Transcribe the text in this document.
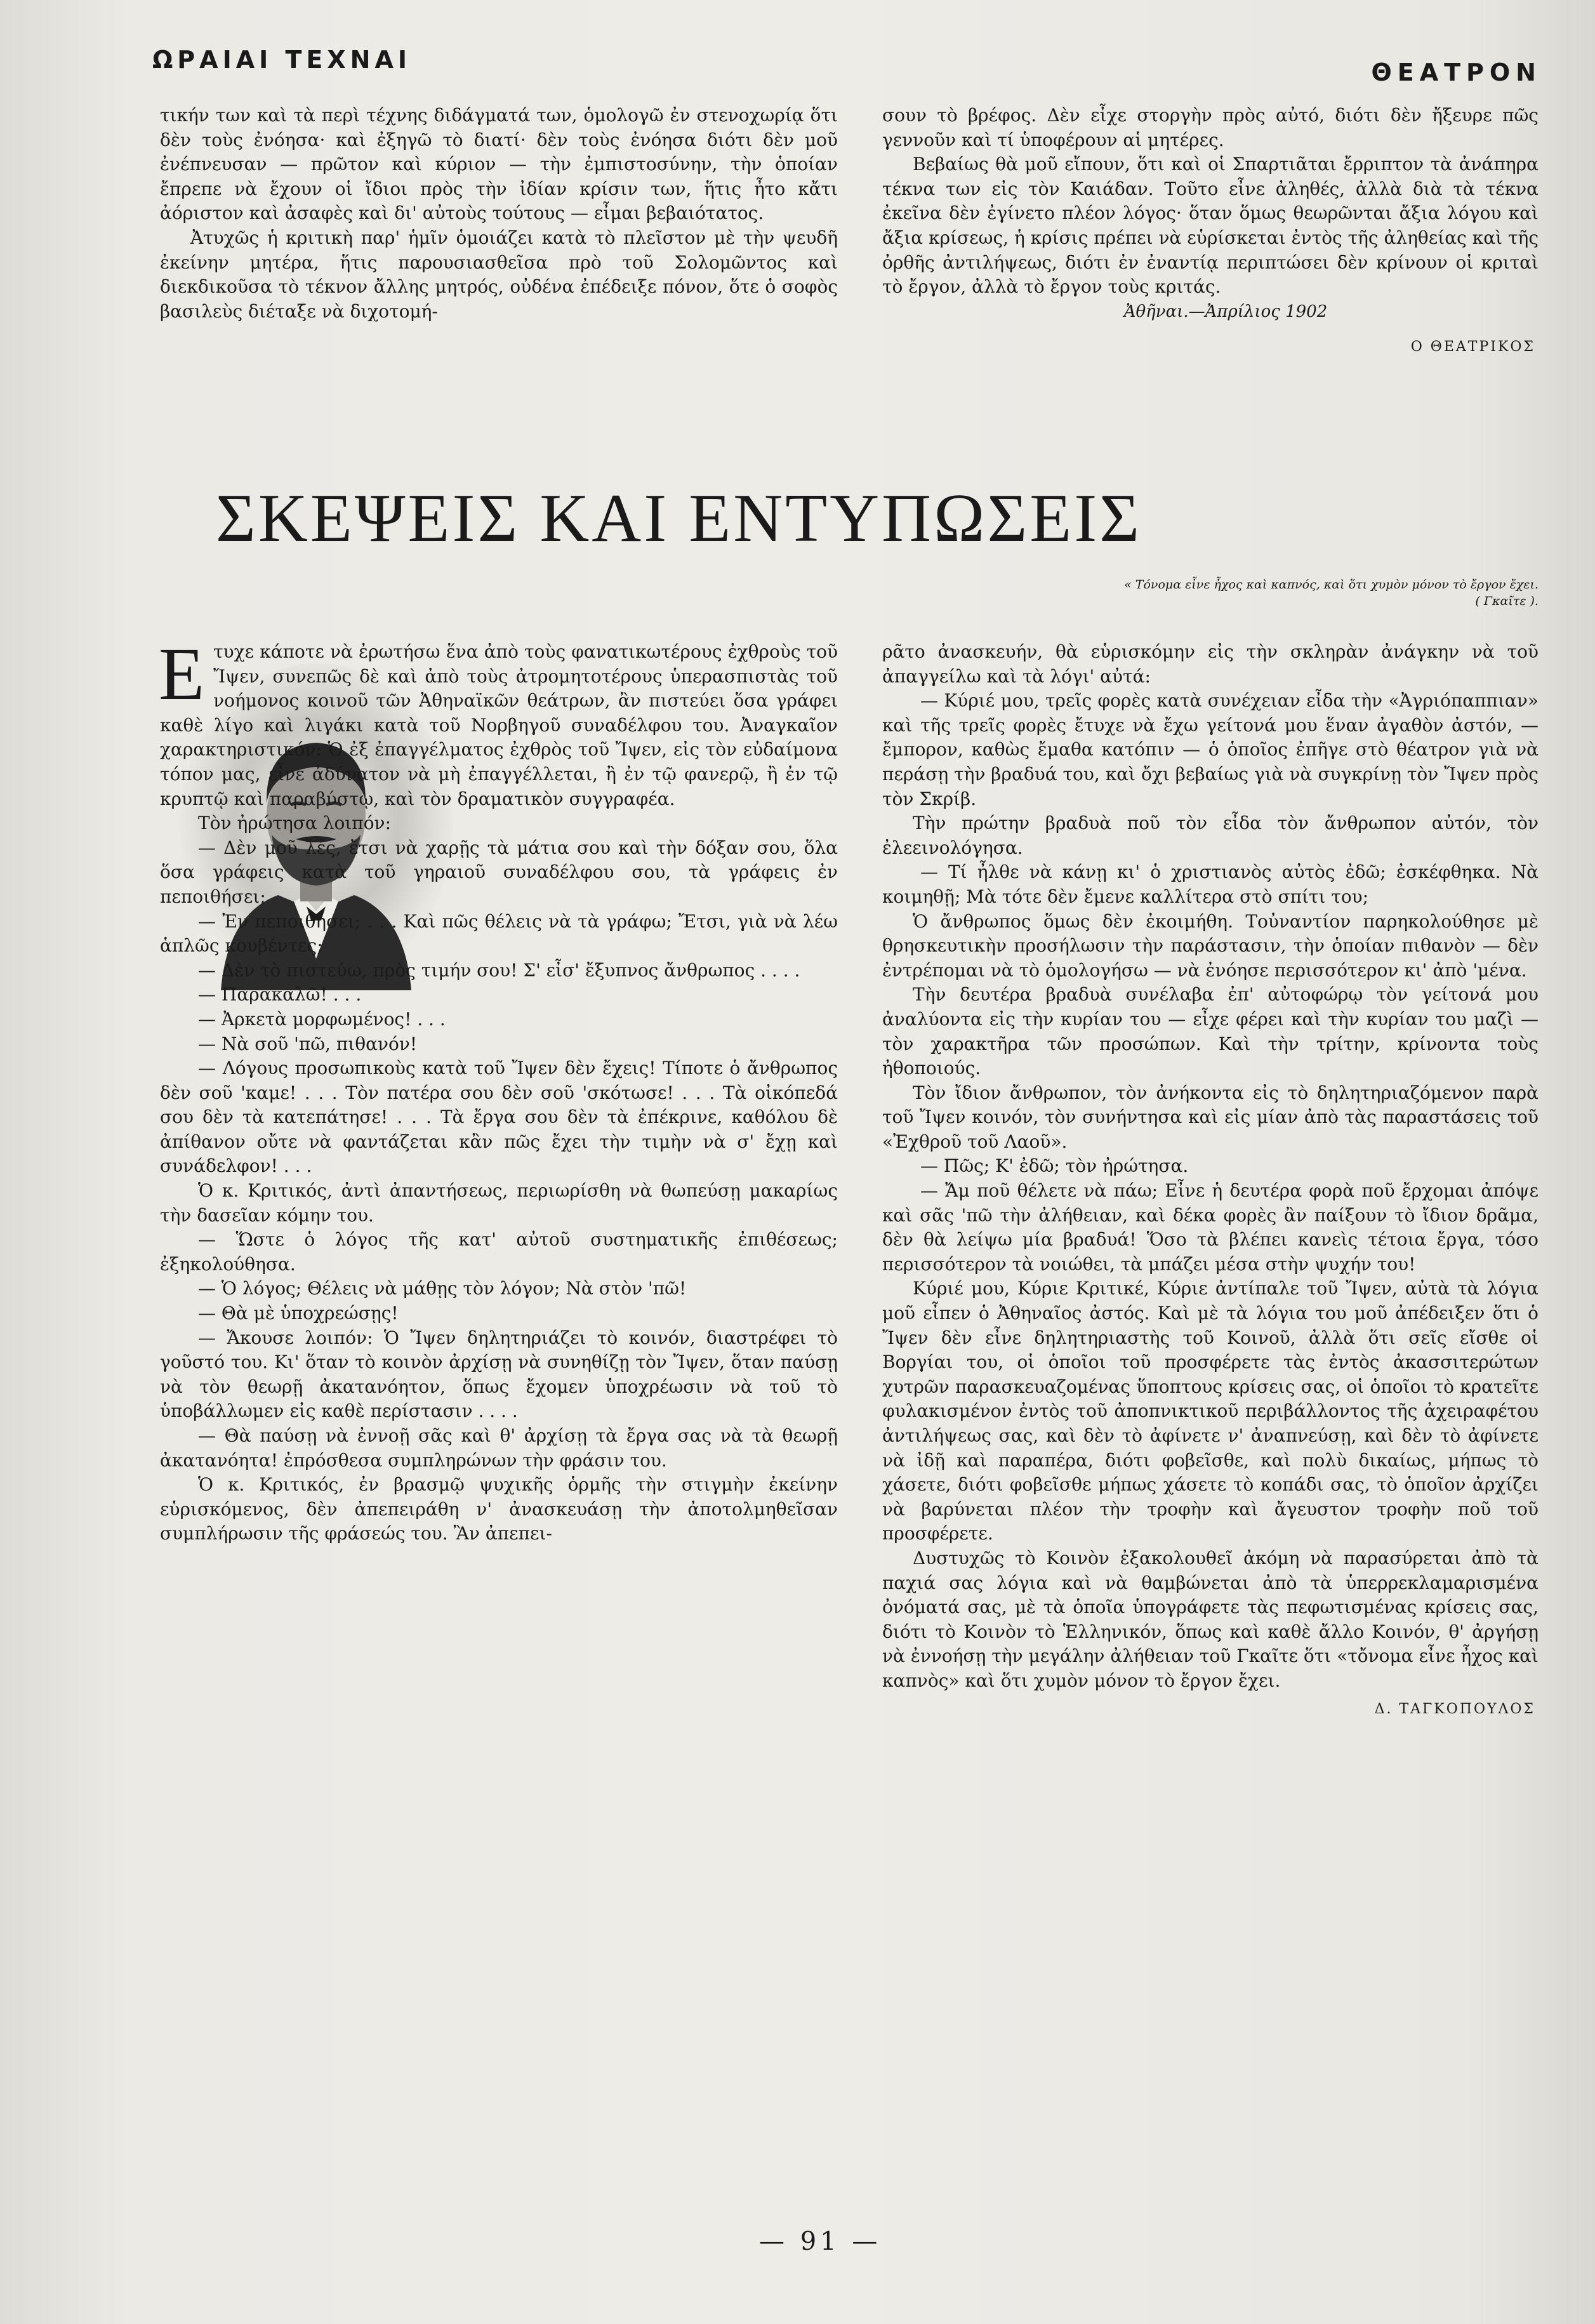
ΩΡΑΙΑΙ ΤΕΧΝΑΙ	ΘΕΑΤΡΟΝ

τικήν των καὶ τὰ περὶ τέχνης διδάγματά των, ὁμολογῶ ἐν στενοχωρίᾳ ὅτι δὲν τοὺς ἐνόησα· καὶ ἐξηγῶ τὸ διατί· δὲν τοὺς ἐνόησα διότι δὲν μοῦ ἐνέπνευσαν — πρῶτον καὶ κύριον — τὴν ἐμπιστοσύνην, τὴν ὁποίαν ἔπρεπε νὰ ἔχουν οἱ ἴδιοι πρὸς τὴν ἰδίαν κρίσιν των, ἥτις ἦτο κἄτι ἀόριστον καὶ ἀσαφὲς καὶ δι' αὐτοὺς τούτους — εἶμαι βεβαιότατος.

Ἀτυχῶς ἡ κριτικὴ παρ' ἡμῖν ὁμοιάζει κατὰ τὸ πλεῖστον μὲ τὴν ψευδῆ ἐκείνην μητέρα, ἥτις παρουσιασθεῖσα πρὸ τοῦ Σολομῶντος καὶ διεκδικοῦσα τὸ τέκνον ἄλλης μητρός, οὐδένα ἐπέδειξε πόνον, ὅτε ὁ σοφὸς βασιλεὺς διέταξε νὰ διχοτομή-

σουν τὸ βρέφος. Δὲν εἶχε στοργὴν πρὸς αὐτό, διότι δὲν ἤξευρε πῶς γεννοῦν καὶ τί ὑποφέρουν αἱ μητέρες.

Βεβαίως θὰ μοῦ εἴπουν, ὅτι καὶ οἱ Σπαρτιᾶται ἔρριπτον τὰ ἀνάπηρα τέκνα των εἰς τὸν Καιάδαν. Τοῦτο εἶνε ἀληθές, ἀλλὰ διὰ τὰ τέκνα ἐκεῖνα δὲν ἐγίνετο πλέον λόγος· ὅταν ὅμως θεωρῶνται ἄξια λόγου καὶ ἄξια κρίσεως, ἡ κρίσις πρέπει νὰ εὑρίσκεται ἐντὸς τῆς ἀληθείας καὶ τῆς ὀρθῆς ἀντιλήψεως, διότι ἐν ἐναντίᾳ περιπτώσει δὲν κρίνουν οἱ κριταὶ τὸ ἔργον, ἀλλὰ τὸ ἔργον τοὺς κριτάς.

Ἀθῆναι.—Ἀπρίλιος 1902

Ο ΘΕΑΤΡΙΚΟΣ

ΣΚΕΨΕΙΣ ΚΑΙ ΕΝΤΥΠΩΣΕΙΣ
« Τόνομα εἶνε ἦχος καὶ καπνός, καὶ ὅτι χυμὸν μόνον τὸ ἔργον ἔχει.
( Γκαῖτε ).

Ετυχε κάποτε νὰ ἐρωτήσω ἕνα ἀπὸ τοὺς φανατικωτέρους ἐχθροὺς τοῦ Ἴψεν, συνεπῶς δὲ καὶ ἀπὸ τοὺς ἀτρομητοτέρους ὑπερασπιστὰς τοῦ νοήμονος κοινοῦ τῶν Ἀθηναϊκῶν θεάτρων, ἂν πιστεύει ὅσα γράφει καθὲ λίγο καὶ λιγάκι κατὰ τοῦ Νορβηγοῦ συναδέλφου του. Ἀναγκαῖον χαρακτηριστικόν: Ὁ ἐξ ἐπαγγέλματος ἐχθρὸς τοῦ Ἴψεν, εἰς τὸν εὐδαίμονα τόπον μας, εἶνε ἀδύνατον νὰ μὴ ἐπαγγέλλεται, ἢ ἐν τῷ φανερῷ, ἢ ἐν τῷ κρυπτῷ καὶ παραβύστῳ, καὶ τὸν δραματικὸν συγγραφέα.

Τὸν ἠρώτησα λοιπόν:

— Δὲν μοῦ λές, ἔτσι νὰ χαρῇς τὰ μάτια σου καὶ τὴν δόξαν σου, ὅλα ὅσα γράφεις κατὰ τοῦ γηραιοῦ συναδέλφου σου, τὰ γράφεις ἐν πεποιθήσει;

— Ἐν πεποιθήσει; . . . Καὶ πῶς θέλεις νὰ τὰ γράφω; Ἔτσι, γιὰ νὰ λέω ἁπλῶς κουβέντες;

— Δὲν τὸ πιστεύω, πρὸς τιμήν σου! Σ' εἶσ' ἔξυπνος ἄνθρωπος . . . .

— Παρακαλῶ! . . .

— Ἀρκετὰ μορφωμένος! . . .

— Νὰ σοῦ 'πῶ, πιθανόν!

— Λόγους προσωπικοὺς κατὰ τοῦ Ἴψεν δὲν ἔχεις! Τίποτε ὁ ἄνθρωπος δὲν σοῦ 'καμε! . . . Τὸν πατέρα σου δὲν σοῦ 'σκότωσε! . . . Τὰ οἰκόπεδά σου δὲν τὰ κατεπάτησε! . . . Τὰ ἔργα σου δὲν τὰ ἐπέκρινε, καθόλου δὲ ἀπίθανον οὔτε νὰ φαντάζεται κἂν πῶς ἔχει τὴν τιμὴν νὰ σ' ἔχῃ καὶ συνάδελφον! . . .

Ὁ κ. Κριτικός, ἀντὶ ἀπαντήσεως, περιωρίσθη νὰ θωπεύσῃ μακαρίως τὴν δασεῖαν κόμην του.

— Ὥστε ὁ λόγος τῆς κατ' αὐτοῦ συστηματικῆς ἐπιθέσεως; ἐξηκολούθησα.

— Ὁ λόγος; Θέλεις νὰ μάθῃς τὸν λόγον; Νὰ στὸν 'πῶ!

— Θὰ μὲ ὑποχρεώσῃς!

— Ἄκουσε λοιπόν: Ὁ Ἴψεν δηλητηριάζει τὸ κοινόν, διαστρέφει τὸ γοῦστό του. Κι' ὅταν τὸ κοινὸν ἀρχίσῃ νὰ συνηθίζῃ τὸν Ἴψεν, ὅταν παύσῃ νὰ τὸν θεωρῇ ἀκατανόητον, ὅπως ἔχομεν ὑποχρέωσιν νὰ τοῦ τὸ ὑποβάλλωμεν εἰς καθὲ περίστασιν . . . .

— Θὰ παύσῃ νὰ ἐννοῇ σᾶς καὶ θ' ἀρχίσῃ τὰ ἔργα σας νὰ τὰ θεωρῇ ἀκατανόητα! ἐπρόσθεσα συμπληρώνων τὴν φράσιν του.

Ὁ κ. Κριτικός, ἐν βρασμῷ ψυχικῆς ὁρμῆς τὴν στιγμὴν ἐκείνην εὑρισκόμενος, δὲν ἀπεπειράθη ν' ἀνασκευάσῃ τὴν ἀποτολμηθεῖσαν συμπλήρωσιν τῆς φράσεώς του. Ἂν ἀπεπει-

ρᾶτο ἀνασκευήν, θὰ εὑρισκόμην εἰς τὴν σκληρὰν ἀνάγκην νὰ τοῦ ἀπαγγείλω καὶ τὰ λόγι' αὐτά:

— Κύριέ μου, τρεῖς φορὲς κατὰ συνέχειαν εἶδα τὴν «Ἀγριόπαππιαν» καὶ τῆς τρεῖς φορὲς ἔτυχε νὰ ἔχω γείτονά μου ἕναν ἀγαθὸν ἀστόν, — ἔμπορον, καθὼς ἔμαθα κατόπιν — ὁ ὁποῖος ἐπῆγε στὸ θέατρον γιὰ νὰ περάσῃ τὴν βραδυά του, καὶ ὄχι βεβαίως γιὰ νὰ συγκρίνῃ τὸν Ἴψεν πρὸς τὸν Σκρίβ.

Τὴν πρώτην βραδυὰ ποῦ τὸν εἶδα τὸν ἄνθρωπον αὐτόν, τὸν ἐλεεινολόγησα.

— Τί ἦλθε νὰ κάνῃ κι' ὁ χριστιανὸς αὐτὸς ἐδῶ; ἐσκέφθηκα. Νὰ κοιμηθῇ; Μὰ τότε δὲν ἔμενε καλλίτερα στὸ σπίτι του;

Ὁ ἄνθρωπος ὅμως δὲν ἐκοιμήθη. Τοὐναντίον παρηκολούθησε μὲ θρησκευτικὴν προσήλωσιν τὴν παράστασιν, τὴν ὁποίαν πιθανὸν — δὲν ἐντρέπομαι νὰ τὸ ὁμολογήσω — νὰ ἐνόησε περισσότερον κι' ἀπὸ 'μένα.

Τὴν δευτέρα βραδυὰ συνέλαβα ἐπ' αὐτοφώρῳ τὸν γείτονά μου ἀναλύοντα εἰς τὴν κυρίαν του — εἶχε φέρει καὶ τὴν κυρίαν του μαζὶ — τὸν χαρακτῆρα τῶν προσώπων. Καὶ τὴν τρίτην, κρίνοντα τοὺς ἠθοποιούς.

Τὸν ἴδιον ἄνθρωπον, τὸν ἀνήκοντα εἰς τὸ δηλητηριαζόμενον παρὰ τοῦ Ἴψεν κοινόν, τὸν συνήντησα καὶ εἰς μίαν ἀπὸ τὰς παραστάσεις τοῦ «Ἐχθροῦ τοῦ Λαοῦ».

— Πῶς; Κ' ἐδῶ; τὸν ἠρώτησα.

— Ἄμ ποῦ θέλετε νὰ πάω; Εἶνε ἡ δευτέρα φορὰ ποῦ ἔρχομαι ἀπόψε καὶ σᾶς 'πῶ τὴν ἀλήθειαν, καὶ δέκα φορὲς ἂν παίξουν τὸ ἴδιον δρᾶμα, δὲν θὰ λείψω μία βραδυά! Ὅσο τὰ βλέπει κανεὶς τέτοια ἔργα, τόσο περισσότερον τὰ νοιώθει, τὰ μπάζει μέσα στὴν ψυχήν του!

Κύριέ μου, Κύριε Κριτικέ, Κύριε ἀντίπαλε τοῦ Ἴψεν, αὐτὰ τὰ λόγια μοῦ εἶπεν ὁ Ἀθηναῖος ἀστός. Καὶ μὲ τὰ λόγια του μοῦ ἀπέδειξεν ὅτι ὁ Ἴψεν δὲν εἶνε δηλητηριαστὴς τοῦ Κοινοῦ, ἀλλὰ ὅτι σεῖς εἴσθε οἱ Βοργίαι του, οἱ ὁποῖοι τοῦ προσφέρετε τὰς ἐντὸς ἀκασσιτερώτων χυτρῶν παρασκευαζομένας ὕποπτους κρίσεις σας, οἱ ὁποῖοι τὸ κρατεῖτε φυλακισμένον ἐντὸς τοῦ ἀποπνικτικοῦ περιβάλλοντος τῆς ἀχειραφέτου ἀντιλήψεως σας, καὶ δὲν τὸ ἀφίνετε ν' ἀναπνεύσῃ, καὶ δὲν τὸ ἀφίνετε νὰ ἰδῇ καὶ παραπέρα, διότι φοβεῖσθε, καὶ πολὺ δικαίως, μήπως τὸ χάσετε, διότι φοβεῖσθε μήπως χάσετε τὸ κοπάδι σας, τὸ ὁποῖον ἀρχίζει νὰ βαρύνεται πλέον τὴν τροφὴν καὶ ἄγευστον τροφὴν ποῦ τοῦ προσφέρετε.

Δυστυχῶς τὸ Κοινὸν ἐξακολουθεῖ ἀκόμη νὰ παρασύρεται ἀπὸ τὰ παχιά σας λόγια καὶ νὰ θαμβώνεται ἀπὸ τὰ ὑπερρεκλαμαρισμένα ὀνόματά σας, μὲ τὰ ὁποῖα ὑπογράφετε τὰς πεφωτισμένας κρίσεις σας, διότι τὸ Κοινὸν τὸ Ἑλληνικόν, ὅπως καὶ καθὲ ἄλλο Κοινόν, θ' ἀργήσῃ νὰ ἐννοήσῃ τὴν μεγάλην ἀλήθειαν τοῦ Γκαῖτε ὅτι «τὄνομα εἶνε ἦχος καὶ καπνὸς» καὶ ὅτι χυμὸν μόνον τὸ ἔργον ἔχει.

Δ. ΤΑΓΚΟΠΟΥΛΟΣ

— 91 —
